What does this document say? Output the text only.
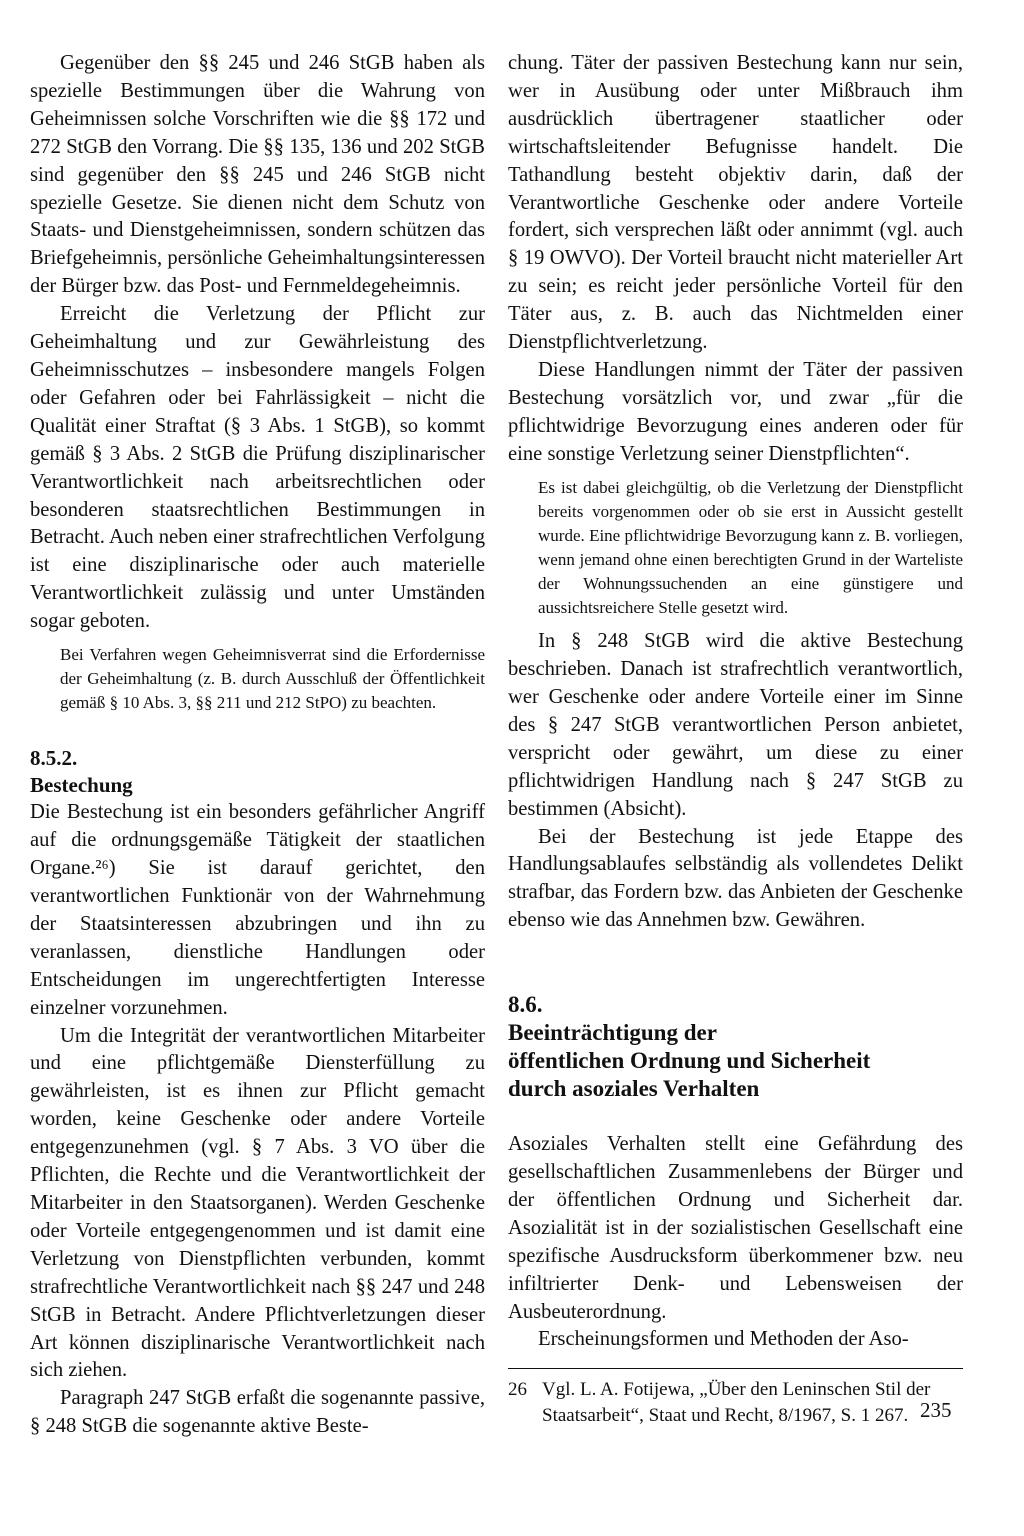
Gegenüber den §§ 245 und 246 StGB haben als spezielle Bestimmungen über die Wahrung von Geheimnissen solche Vorschriften wie die §§ 172 und 272 StGB den Vorrang. Die §§ 135, 136 und 202 StGB sind gegenüber den §§ 245 und 246 StGB nicht spezielle Gesetze. Sie dienen nicht dem Schutz von Staats- und Dienstgeheimnissen, sondern schützen das Briefgeheimnis, persönliche Geheimhaltungsinteressen der Bürger bzw. das Post- und Fernmeldegeheimnis.

Erreicht die Verletzung der Pflicht zur Geheimhaltung und zur Gewährleistung des Geheimnisschutzes – insbesondere mangels Folgen oder Gefahren oder bei Fahrlässigkeit – nicht die Qualität einer Straftat (§ 3 Abs. 1 StGB), so kommt gemäß § 3 Abs. 2 StGB die Prüfung disziplinarischer Verantwortlichkeit nach arbeitsrechtlichen oder besonderen staatsrechtlichen Bestimmungen in Betracht. Auch neben einer strafrechtlichen Verfolgung ist eine disziplinarische oder auch materielle Verantwortlichkeit zulässig und unter Umständen sogar geboten.

Bei Verfahren wegen Geheimnisverrat sind die Erfordernisse der Geheimhaltung (z. B. durch Ausschluß der Öffentlichkeit gemäß § 10 Abs. 3, §§ 211 und 212 StPO) zu beachten.

8.5.2.
Bestechung

Die Bestechung ist ein besonders gefährlicher Angriff auf die ordnungsgemäße Tätigkeit der staatlichen Organe.²⁶) Sie ist darauf gerichtet, den verantwortlichen Funktionär von der Wahrnehmung der Staatsinteressen abzubringen und ihn zu veranlassen, dienstliche Handlungen oder Entscheidungen im ungerechtfertigten Interesse einzelner vorzunehmen.

Um die Integrität der verantwortlichen Mitarbeiter und eine pflichtgemäße Diensterfüllung zu gewährleisten, ist es ihnen zur Pflicht gemacht worden, keine Geschenke oder andere Vorteile entgegenzunehmen (vgl. § 7 Abs. 3 VO über die Pflichten, die Rechte und die Verantwortlichkeit der Mitarbeiter in den Staatsorganen). Werden Geschenke oder Vorteile entgegengenommen und ist damit eine Verletzung von Dienstpflichten verbunden, kommt strafrechtliche Verantwortlichkeit nach §§ 247 und 248 StGB in Betracht. Andere Pflichtverletzungen dieser Art können disziplinarische Verantwortlichkeit nach sich ziehen.

Paragraph 247 StGB erfaßt die sogenannte passive, § 248 StGB die sogenannte aktive Beste-

chung. Täter der passiven Bestechung kann nur sein, wer in Ausübung oder unter Mißbrauch ihm ausdrücklich übertragener staatlicher oder wirtschaftsleitender Befugnisse handelt. Die Tathandlung besteht objektiv darin, daß der Verantwortliche Geschenke oder andere Vorteile fordert, sich versprechen läßt oder annimmt (vgl. auch § 19 OWVO). Der Vorteil braucht nicht materieller Art zu sein; es reicht jeder persönliche Vorteil für den Täter aus, z. B. auch das Nichtmelden einer Dienstpflichtverletzung.

Diese Handlungen nimmt der Täter der passiven Bestechung vorsätzlich vor, und zwar „für die pflichtwidrige Bevorzugung eines anderen oder für eine sonstige Verletzung seiner Dienstpflichten“.

Es ist dabei gleichgültig, ob die Verletzung der Dienstpflicht bereits vorgenommen oder ob sie erst in Aussicht gestellt wurde. Eine pflichtwidrige Bevorzugung kann z. B. vorliegen, wenn jemand ohne einen berechtigten Grund in der Warteliste der Wohnungssuchenden an eine günstigere und aussichtsreichere Stelle gesetzt wird.

In § 248 StGB wird die aktive Bestechung beschrieben. Danach ist strafrechtlich verantwortlich, wer Geschenke oder andere Vorteile einer im Sinne des § 247 StGB verantwortlichen Person anbietet, verspricht oder gewährt, um diese zu einer pflichtwidrigen Handlung nach § 247 StGB zu bestimmen (Absicht).

Bei der Bestechung ist jede Etappe des Handlungsablaufes selbständig als vollendetes Delikt strafbar, das Fordern bzw. das Anbieten der Geschenke ebenso wie das Annehmen bzw. Gewähren.

8.6.
Beeinträchtigung der
öffentlichen Ordnung und Sicherheit
durch asoziales Verhalten

Asoziales Verhalten stellt eine Gefährdung des gesellschaftlichen Zusammenlebens der Bürger und der öffentlichen Ordnung und Sicherheit dar. Asozialität ist in der sozialistischen Gesellschaft eine spezifische Ausdrucksform überkommener bzw. neu infiltrierter Denk- und Lebensweisen der Ausbeuterordnung.

Erscheinungsformen und Methoden der Aso-

26 Vgl. L. A. Fotijewa, „Über den Leninschen Stil der Staatsarbeit“, Staat und Recht, 8/1967, S. 1 267. 235
